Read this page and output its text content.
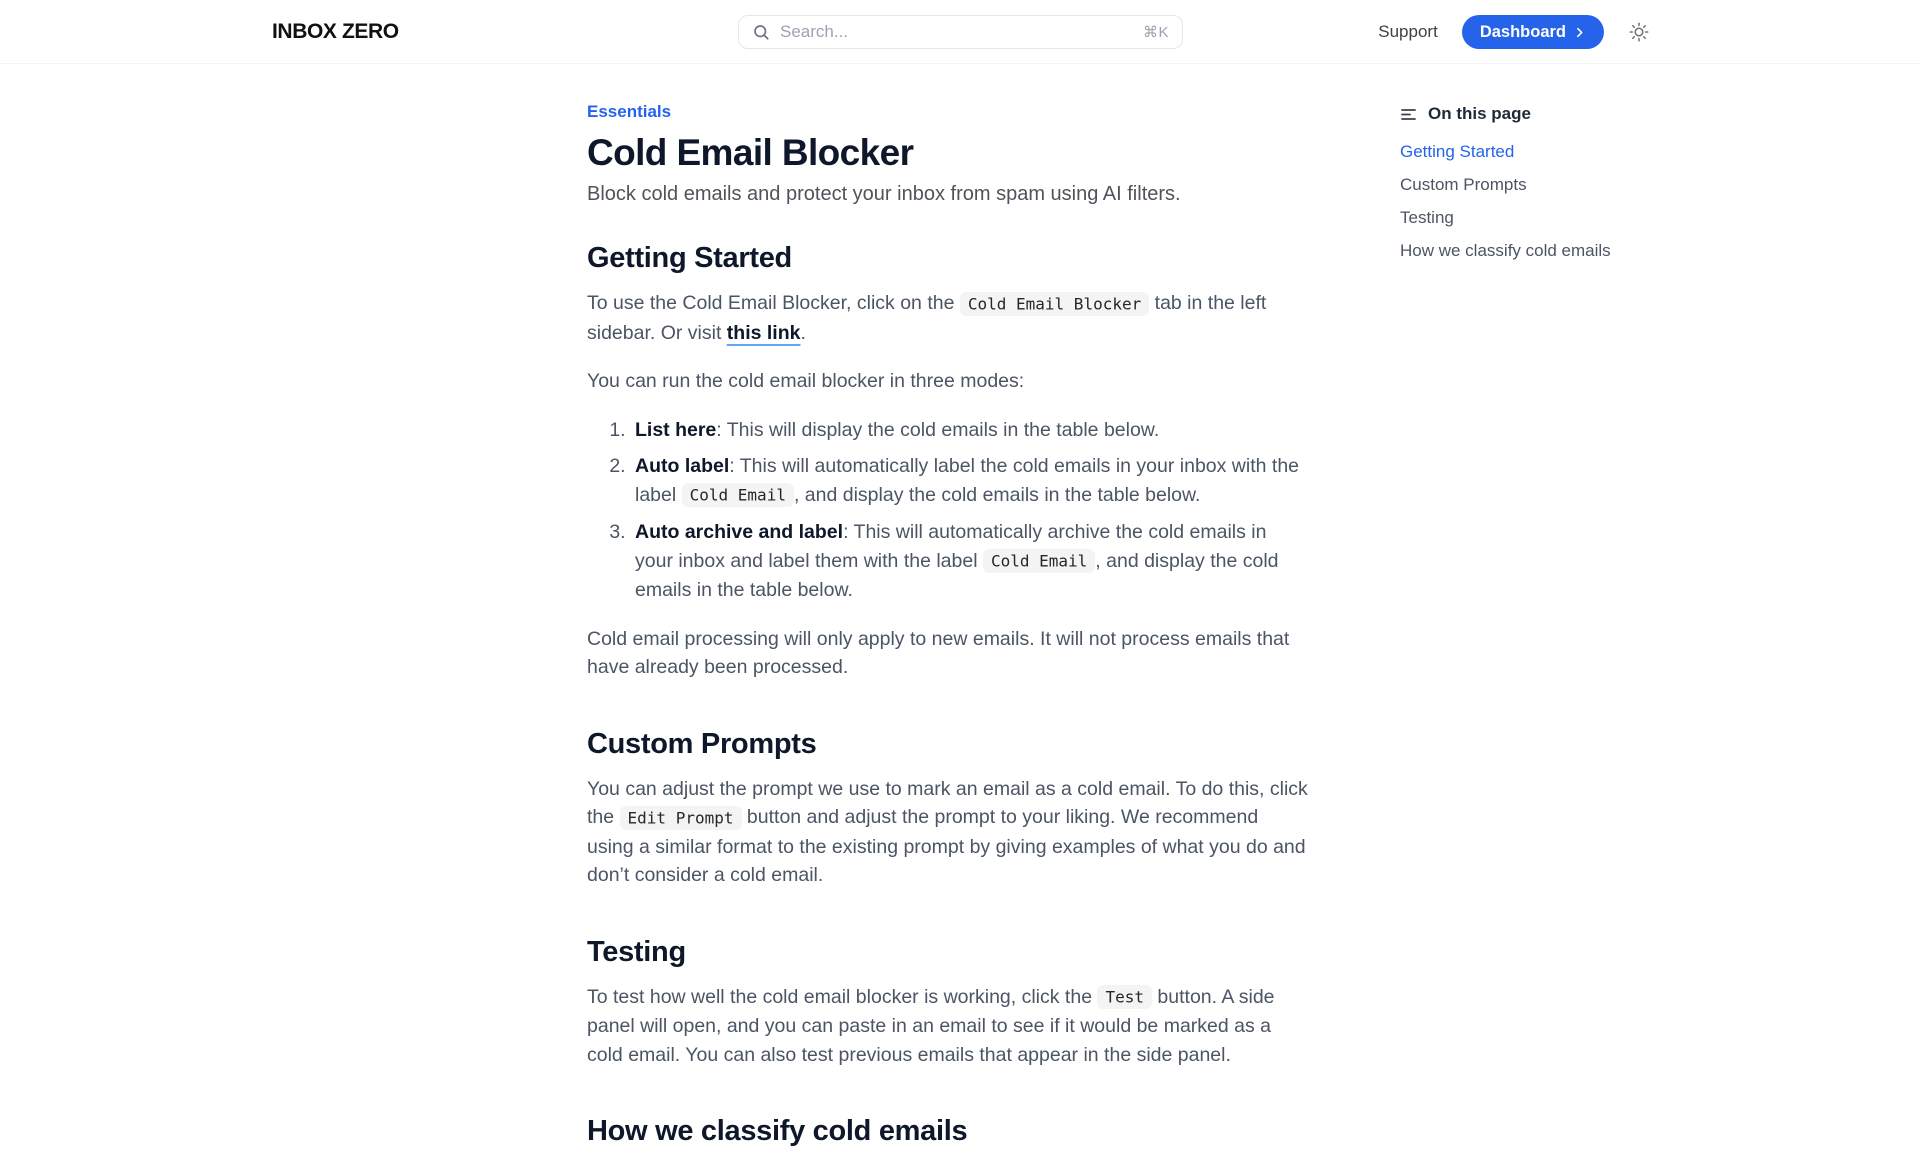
INBOX ZERO
Search...	⌘K	Support	Dashboard
Essentials
Cold Email Blocker

Block cold emails and protect your inbox from spam using AI filters.

Getting Started

To use the Cold Email Blocker, click on the Cold Email Blocker tab in the left sidebar. Or visit this link.

You can run the cold email blocker in three modes:

1. List here: This will display the cold emails in the table below.
2. Auto label: This will automatically label the cold emails in your inbox with the label Cold Email , and display the cold emails in the table below.
3. Auto archive and label: This will automatically archive the cold emails in your inbox and label them with the label Cold Email , and display the cold emails in the table below.

Cold email processing will only apply to new emails. It will not process emails that have already been processed.

Custom Prompts

You can adjust the prompt we use to mark an email as a cold email. To do this, click the Edit Prompt button and adjust the prompt to your liking. We recommend using a similar format to the existing prompt by giving examples of what you do and don’t consider a cold email.

Testing

To test how well the cold email blocker is working, click the Test button. A side panel will open, and you can paste in an email to see if it would be marked as a cold email. You can also test previous emails that appear in the side panel.

How we classify cold emails
On this page
Getting Started
Custom Prompts
Testing
How we classify cold emails
